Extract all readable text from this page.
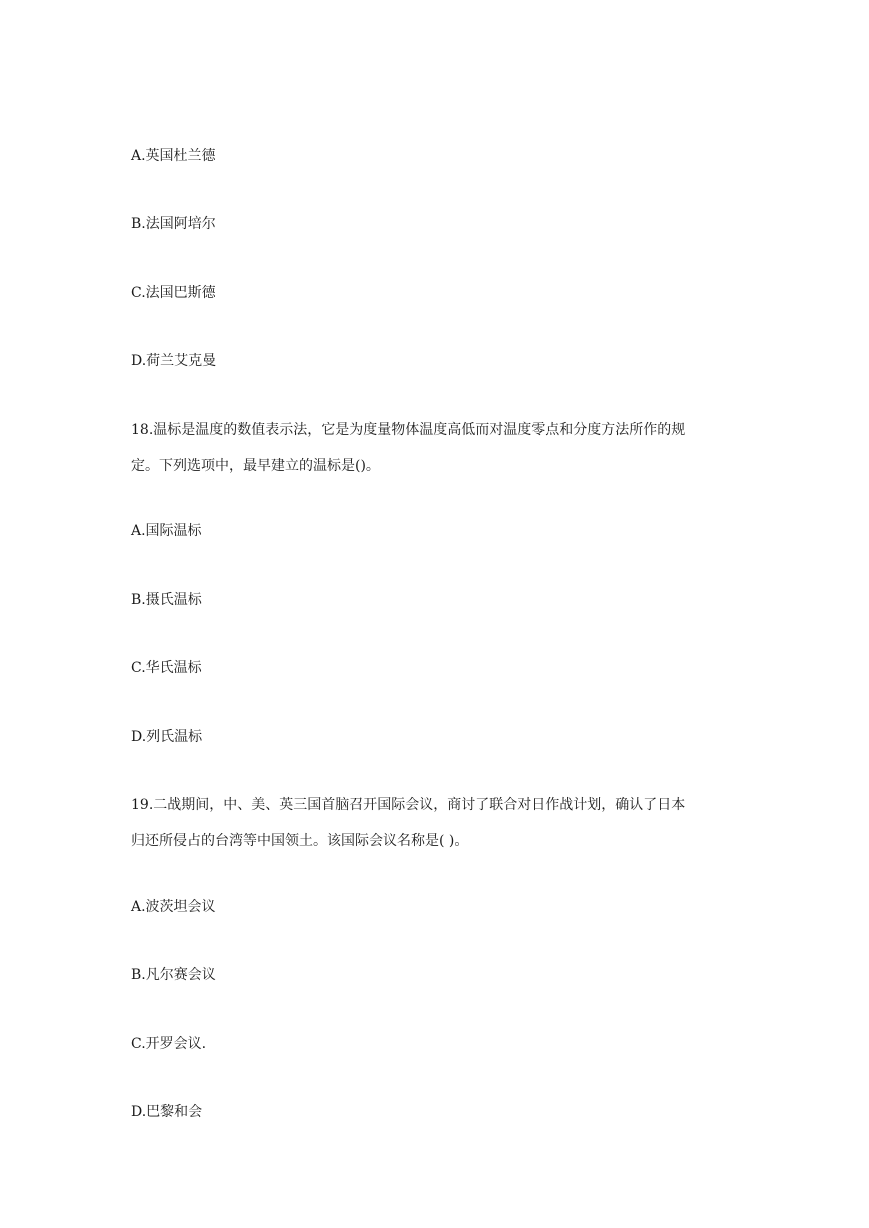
A.英国杜兰德
B.法国阿培尔
C.法国巴斯德
D.荷兰艾克曼
18.温标是温度的数值表示法，它是为度量物体温度高低而对温度零点和分度方法所作的规
定。下列选项中，最早建立的温标是()。
A.国际温标
B.摄氏温标
C.华氏温标
D.列氏温标
19.二战期间，中、美、英三国首脑召开国际会议，商讨了联合对日作战计划，确认了日本
归还所侵占的台湾等中国领土。该国际会议名称是( )。
A.波茨坦会议
B.凡尔赛会议
C.开罗会议.
D.巴黎和会
